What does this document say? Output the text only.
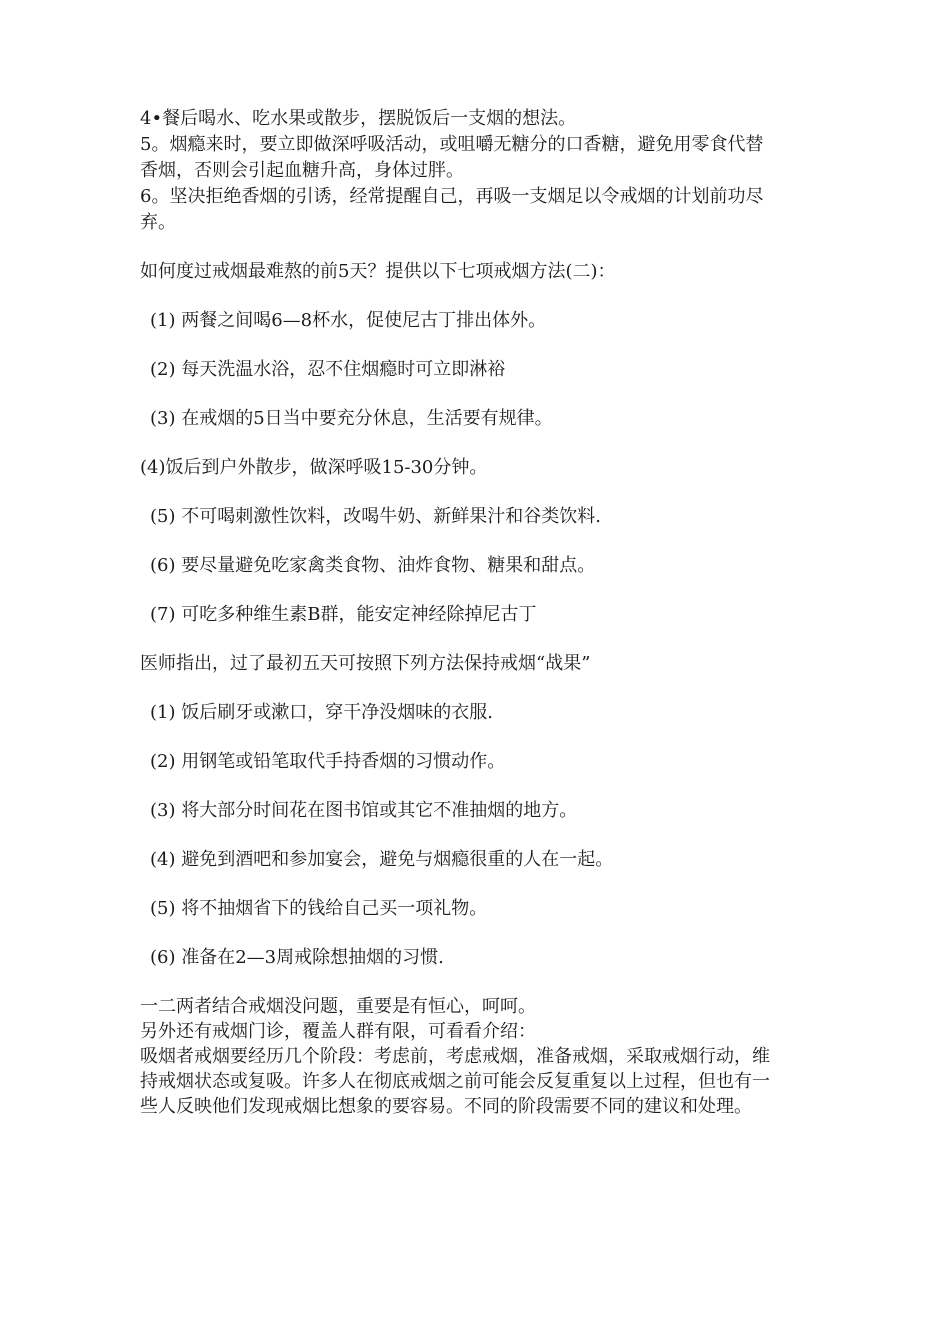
4•餐后喝水、吃水果或散步，摆脱饭后一支烟的想法。
5。烟瘾来时，要立即做深呼吸活动，或咀嚼无糖分的口香糖，避免用零食代替
香烟，否则会引起血糖升高，身体过胖。
6。坚决拒绝香烟的引诱，经常提醒自己，再吸一支烟足以令戒烟的计划前功尽
弃。
如何度过戒烟最难熬的前5天？提供以下七项戒烟方法(二)：
(1) 两餐之间喝6—8杯水，促使尼古丁排出体外。
(2) 每天洗温水浴，忍不住烟瘾时可立即淋裕
(3) 在戒烟的5日当中要充分休息，生活要有规律。
(4)饭后到户外散步，做深呼吸15-30分钟。
(5) 不可喝刺激性饮料，改喝牛奶、新鲜果汁和谷类饮料.
(6) 要尽量避免吃家禽类食物、油炸食物、糖果和甜点。
(7) 可吃多种维生素B群，能安定神经除掉尼古丁
医师指出，过了最初五天可按照下列方法保持戒烟“战果”
(1) 饭后刷牙或漱口，穿干净没烟味的衣服.
(2) 用钢笔或铅笔取代手持香烟的习惯动作。
(3) 将大部分时间花在图书馆或其它不准抽烟的地方。
(4) 避免到酒吧和参加宴会，避免与烟瘾很重的人在一起。
(5) 将不抽烟省下的钱给自己买一项礼物。
(6) 准备在2—3周戒除想抽烟的习惯.
一二两者结合戒烟没问题，重要是有恒心，呵呵。
另外还有戒烟门诊，覆盖人群有限，可看看介绍：
吸烟者戒烟要经历几个阶段：考虑前，考虑戒烟，准备戒烟，采取戒烟行动，维
持戒烟状态或复吸。许多人在彻底戒烟之前可能会反复重复以上过程，但也有一
些人反映他们发现戒烟比想象的要容易。不同的阶段需要不同的建议和处理。
